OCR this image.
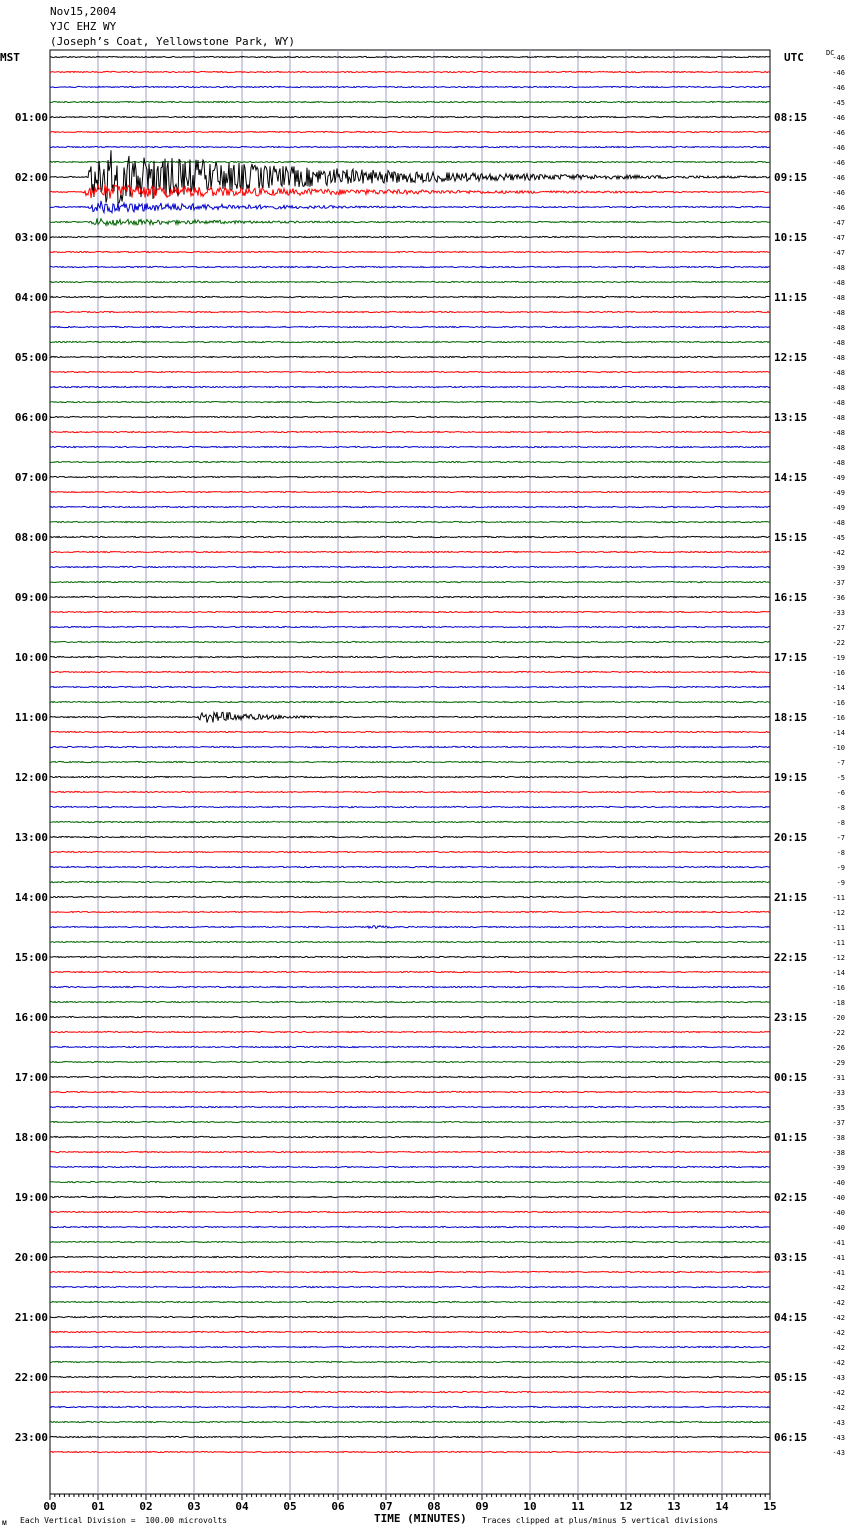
01:00	08:15
02:00	09:15
03:00	10:15
04:00	11:15
05:00	12:15
06:00	13:15
07:00	14:15
08:00	15:15
09:00	16:15
10:00	17:15
11:00	18:15
12:00	19:15
13:00	20:15
14:00	21:15
15:00	22:15
16:00	23:15
17:00	00:15
18:00	01:15
19:00	02:15
20:00	03:15
21:00	04:15
22:00	05:15
23:00	06:15
-46
-46
-46
-45
-46
-46
-46
-46
-46
-46
-46
-47
-47
-47
-48
-48
-48
-48
-48
-48
-48
-48
-48
-48
-48
-48
-48
-48
-49
-49
-49
-48
-45
-42
-39
-37
-36
-33
-27
-22
-19
-16
-14
-16
-16
-14
-10
-7
-5
-6
-8
-8
-7
-8
-9
-9
-11
-12
-11
-11
-12
-14
-16
-18
-20
-22
-26
-29
-31
-33
-35
-37
-38
-38
-39
-40
-40
-40
-40
-41
-41
-41
-42
-42
-42
-42
-42
-42
-43
-42
-42
-43
-43
-43
00	01	02	03	04	05	06	07	08	09	10	11	12	13	14	15
Nov15,2004
YJC EHZ WY
(Joseph’s Coat, Yellowstone Park, WY)
MST	UTC	DC
TIME (MINUTES)
ᴍ Each Vertical Division =  100.00 microvolts	Traces clipped at plus/minus 5 vertical divisions
